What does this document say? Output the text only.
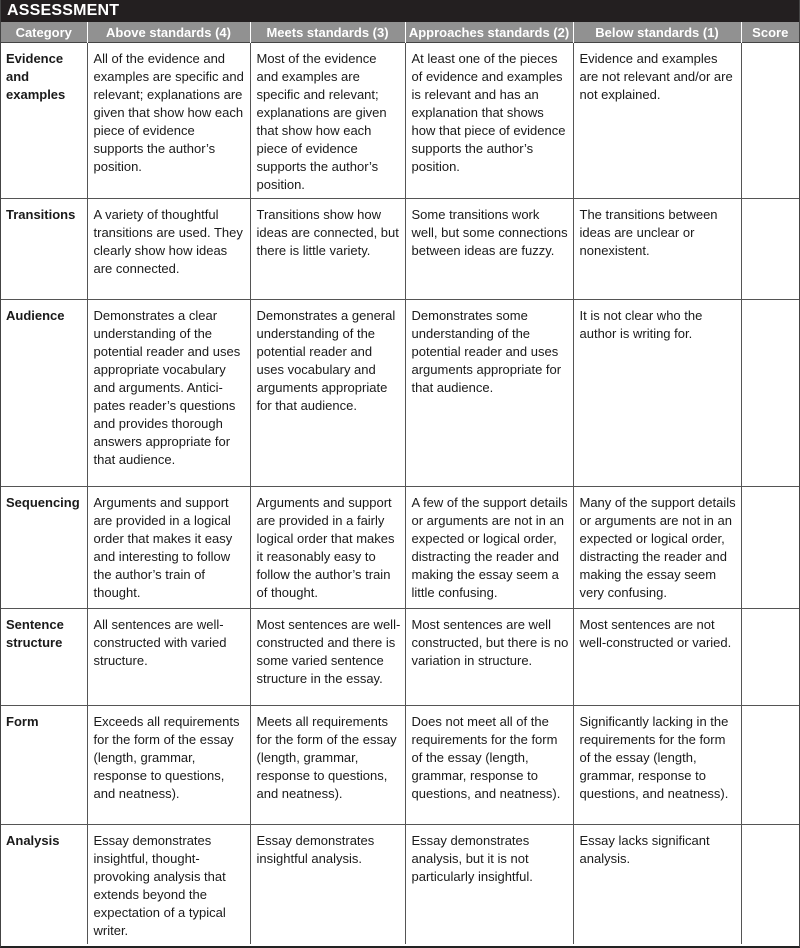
ASSESSMENT
Category	Above standards (4)	Meets standards (3)	Approaches standards (2)	Below standards (1)	Score
Evidence and examples	All of the evidence and examples are specific and relevant; explanations are given that show how each piece of evidence supports the author’s position.	Most of the evidence and examples are specific and relevant; explanations are given that show how each piece of evidence supports the author’s position.	At least one of the pieces of evidence and examples is relevant and has an explanation that shows how that piece of evidence supports the author’s position.	Evidence and examples are not relevant and/or are not explained.	
Transitions	A variety of thoughtful transitions are used. They clearly show how ideas are connected.	Transitions show how ideas are connected, but there is little variety.	Some transitions work well, but some connections between ideas are fuzzy.	The transitions between ideas are unclear or nonexistent.	
Audience	Demonstrates a clear understanding of the potential reader and uses appropriate vocabulary and arguments. Anticipates reader’s questions and provides thorough answers appropriate for that audience.	Demonstrates a general understanding of the potential reader and uses vocabulary and arguments appropriate for that audience.	Demonstrates some understanding of the potential reader and uses arguments appropriate for that audience.	It is not clear who the author is writing for.	
Sequencing	Arguments and support are provided in a logical order that makes it easy and interesting to follow the author’s train of thought.	Arguments and support are provided in a fairly logical order that makes it reasonably easy to follow the author’s train of thought.	A few of the support details or arguments are not in an expected or logical order, distracting the reader and making the essay seem a little confusing.	Many of the support details or arguments are not in an expected or logical order, distracting the reader and making the essay seem very confusing.	
Sentence structure	All sentences are well-constructed with varied structure.	Most sentences are well-constructed and there is some varied sentence structure in the essay.	Most sentences are well constructed, but there is no variation in structure.	Most sentences are not well-constructed or varied.	
Form	Exceeds all requirements for the form of the essay (length, grammar, response to questions, and neatness).	Meets all requirements for the form of the essay (length, grammar, response to questions, and neatness).	Does not meet all of the requirements for the form of the essay (length, grammar, response to questions, and neatness).	Significantly lacking in the requirements for the form of the essay (length, grammar, response to questions, and neatness).	
Analysis	Essay demonstrates insightful, thought-provoking analysis that extends beyond the expectation of a typical writer.	Essay demonstrates insightful analysis.	Essay demonstrates analysis, but it is not particularly insightful.	Essay lacks significant analysis.	
